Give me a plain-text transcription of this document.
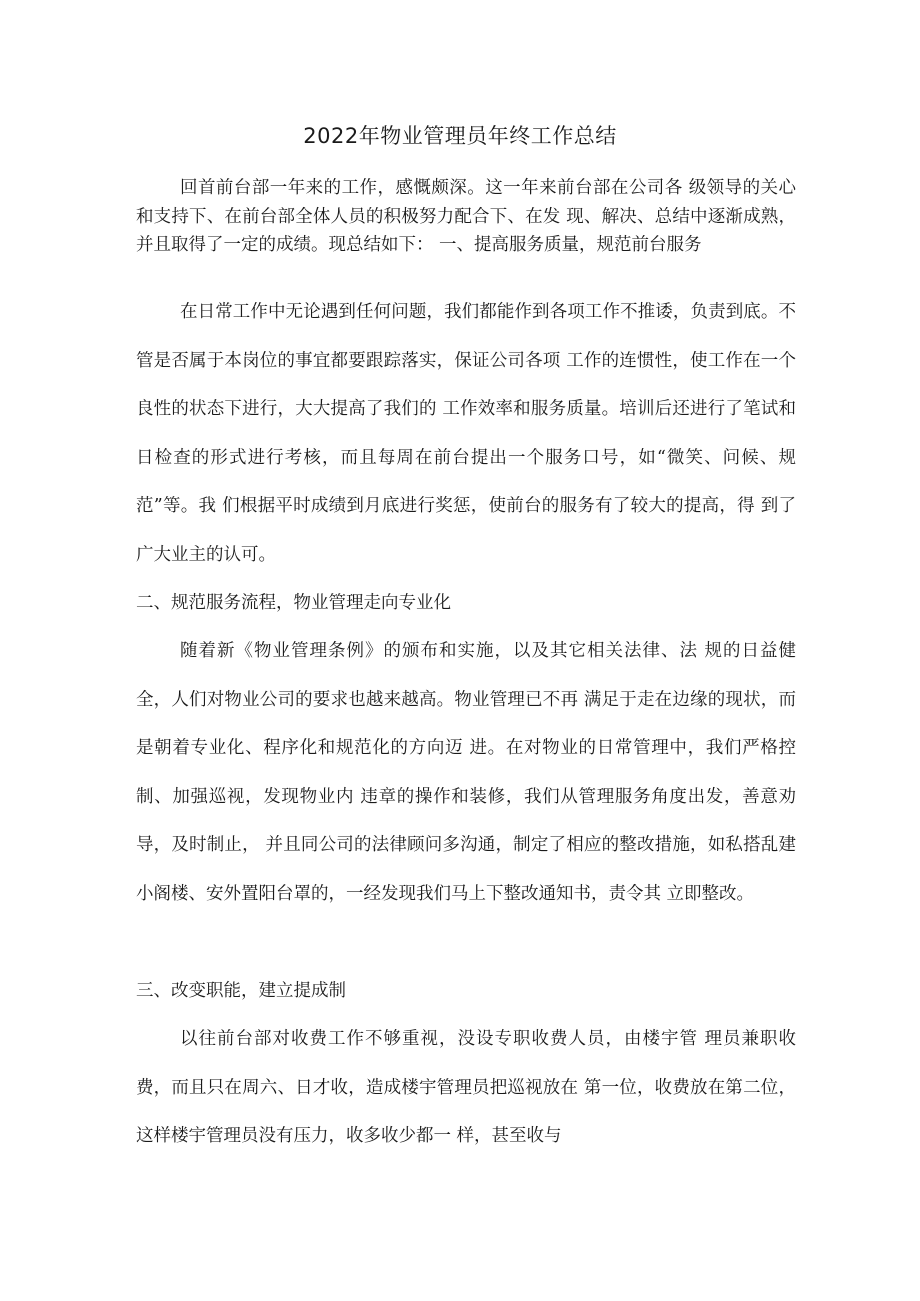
2022年物业管理员年终工作总结
回首前台部一年来的工作，感慨颇深。这一年来前台部在公司各 级领导的关心和支持下、在前台部全体人员的积极努力配合下、在发 现、解决、总结中逐渐成熟，并且取得了一定的成绩。现总结如下： 一、提高服务质量，规范前台服务
在日常工作中无论遇到任何问题，我们都能作到各项工作不推诿，负责到底。不管是否属于本岗位的事宜都要跟踪落实，保证公司各项 工作的连惯性，使工作在一个良性的状态下进行，大大提高了我们的 工作效率和服务质量。培训后还进行了笔试和日检查的形式进行考核，而且每周在前台提出一个服务口号，如“微笑、问候、规范”等。我 们根据平时成绩到月底进行奖惩，使前台的服务有了较大的提高，得 到了广大业主的认可。
二、规范服务流程，物业管理走向专业化
随着新《物业管理条例》的颁布和实施，以及其它相关法律、法 规的日益健全，人们对物业公司的要求也越来越高。物业管理已不再 满足于走在边缘的现状，而是朝着专业化、程序化和规范化的方向迈 进。在对物业的日常管理中，我们严格控制、加强巡视，发现物业内 违章的操作和装修，我们从管理服务角度出发，善意劝导，及时制止， 并且同公司的法律顾问多沟通，制定了相应的整改措施，如私搭乱建 小阁楼、安外置阳台罩的，一经发现我们马上下整改通知书，责令其 立即整改。
三、改变职能，建立提成制
以往前台部对收费工作不够重视，没设专职收费人员，由楼宇管 理员兼职收费，而且只在周六、日才收，造成楼宇管理员把巡视放在 第一位，收费放在第二位，这样楼宇管理员没有压力，收多收少都一 样，甚至收与
